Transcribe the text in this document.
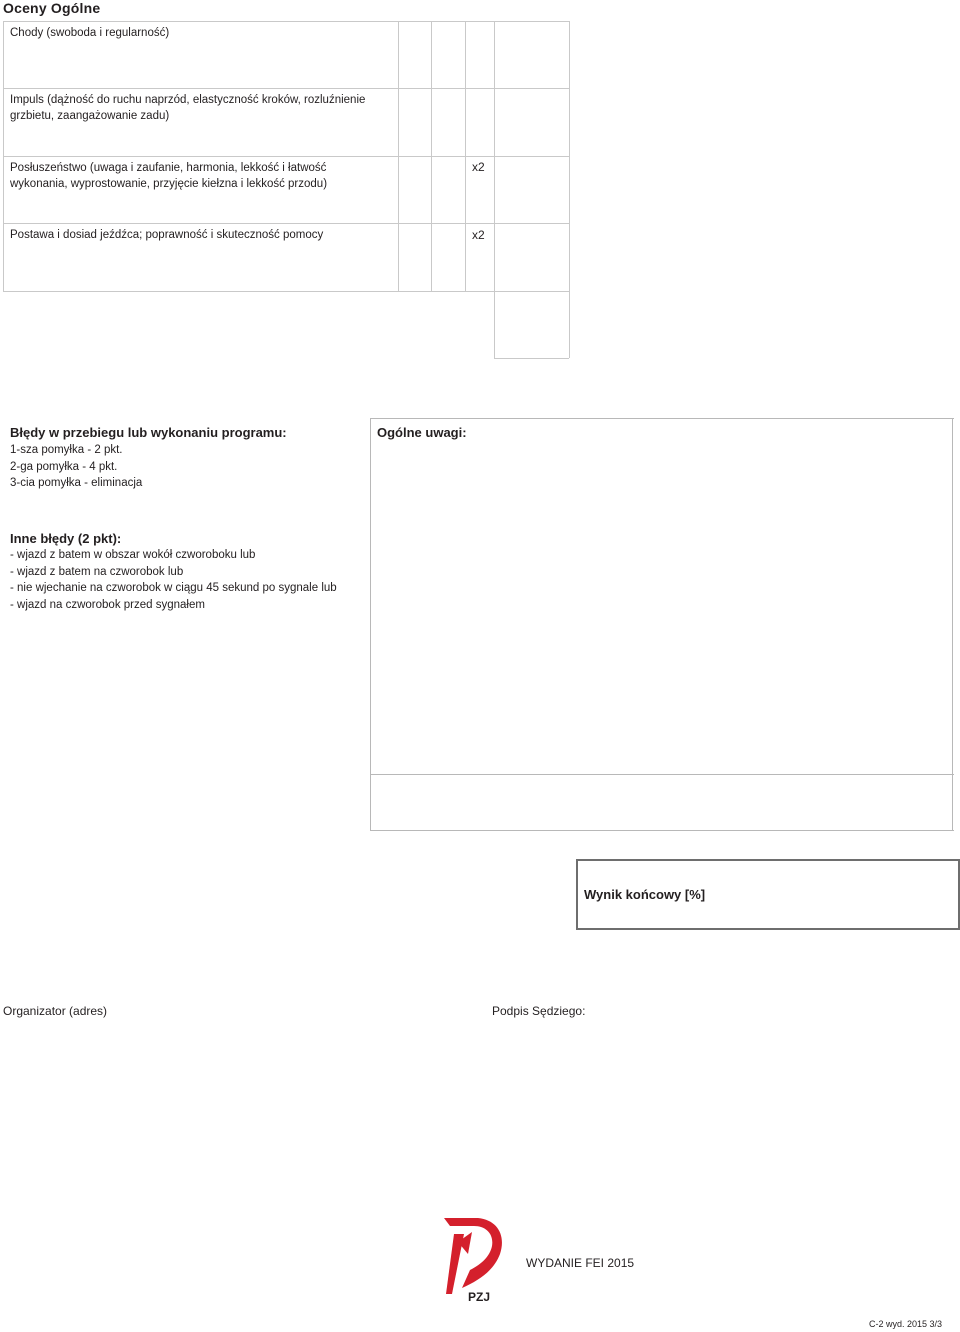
Oceny Ogólne
Chody (swoboda i regularność)
Impuls (dążność do ruchu naprzód, elastyczność kroków, rozluźnienie
grzbietu, zaangażowanie zadu)
Posłuszeństwo (uwaga i zaufanie, harmonia, lekkość i łatwość
wykonania, wyprostowanie, przyjęcie kiełzna i lekkość przodu)
Postawa i dosiad jeźdźca; poprawność i skuteczność pomocy
x2
x2
Błędy w przebiegu lub wykonaniu programu:
1-sza pomyłka - 2 pkt.
2-ga pomyłka - 4 pkt.
3-cia pomyłka - eliminacja
Inne błędy (2 pkt):
- wjazd z batem w obszar wokół czworoboku lub
- wjazd z batem na czworobok lub
- nie wjechanie na czworobok w ciągu 45 sekund po sygnale lub
- wjazd na czworobok przed sygnałem
Ogólne uwagi:
Wynik końcowy [%]
Organizator (adres)	Podpis Sędziego:
PZJ
WYDANIE FEI 2015
C-2 wyd. 2015 3/3
